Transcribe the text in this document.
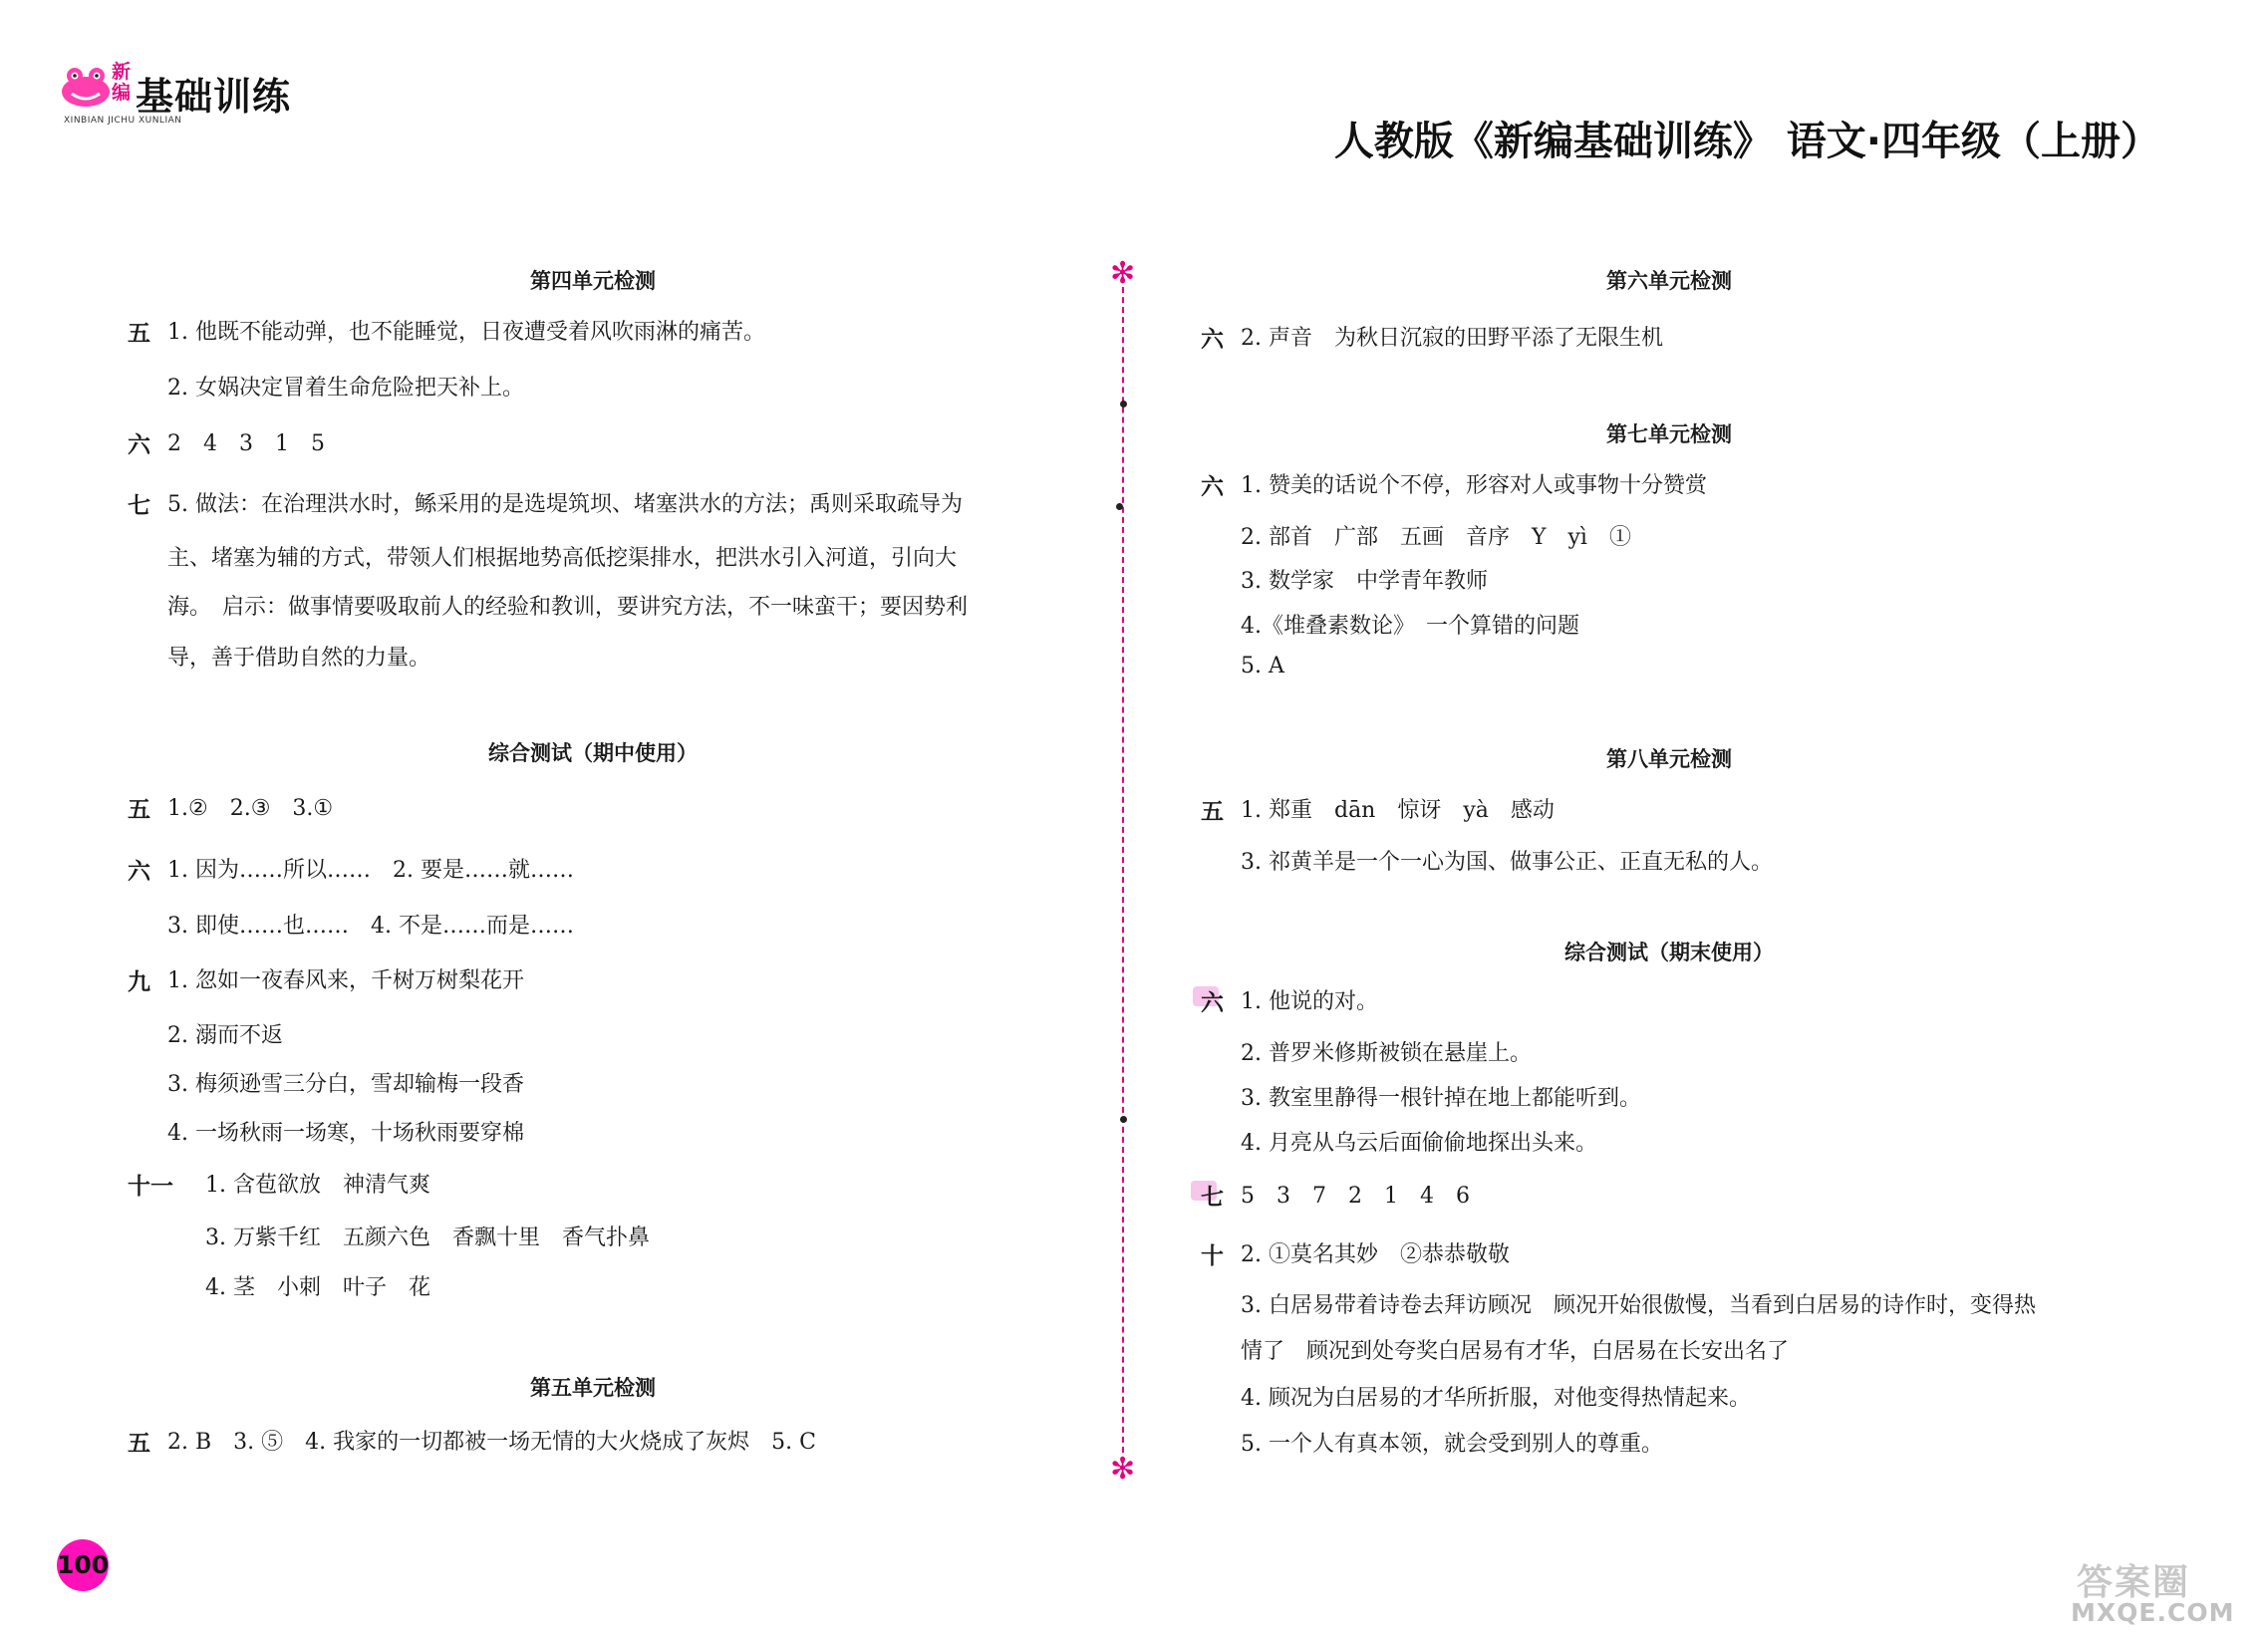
新编 基础训练
XINBIAN JICHU XUNLIAN	人教版《新编基础训练》 语文·四年级（上册）
第四单元检测
五 1. 他既不能动弹，也不能睡觉，日夜遭受着风吹雨淋的痛苦。
2. 女娲决定冒着生命危险把天补上。
六 2　4　3　1　5
七 5. 做法：在治理洪水时，鲧采用的是选堤筑坝、堵塞洪水的方法；禹则采取疏导为
主、堵塞为辅的方式，带领人们根据地势高低挖渠排水，把洪水引入河道，引向大
海。　启示：做事情要吸取前人的经验和教训，要讲究方法，不一味蛮干；要因势利
导，善于借助自然的力量。
综合测试（期中使用）
五 1.②　2.③　3.①
六 1. 因为……所以……　2. 要是……就……
3. 即使……也……　4. 不是……而是……
九 1. 忽如一夜春风来，千树万树梨花开
2. 溺而不返
3. 梅须逊雪三分白，雪却输梅一段香
4. 一场秋雨一场寒，十场秋雨要穿棉
十一 1. 含苞欲放　神清气爽
3. 万紫千红　五颜六色　香飘十里　香气扑鼻
4. 茎　小刺　叶子　花
第五单元检测
五 2. B　3. ⑤　4. 我家的一切都被一场无情的大火烧成了灰烬　5. C
✻
✻
第六单元检测
六 2. 声音　为秋日沉寂的田野平添了无限生机
第七单元检测
六 1. 赞美的话说个不停，形容对人或事物十分赞赏
2. 部首　广部　五画　音序　Y　yì　①
3. 数学家　中学青年教师
4.《堆叠素数论》　一个算错的问题
5. A
第八单元检测
五 1. 郑重　dān　惊讶　yà　感动
3. 祁黄羊是一个一心为国、做事公正、正直无私的人。
综合测试（期末使用）
六 1. 他说的对。
2. 普罗米修斯被锁在悬崖上。
3. 教室里静得一根针掉在地上都能听到。
4. 月亮从乌云后面偷偷地探出头来。
七 5　3　7　2　1　4　6
十 2. ①莫名其妙　②恭恭敬敬
3. 白居易带着诗卷去拜访顾况　顾况开始很傲慢，当看到白居易的诗作时，变得热
情了　顾况到处夸奖白居易有才华，白居易在长安出名了
4. 顾况为白居易的才华所折服，对他变得热情起来。
5. 一个人有真本领，就会受到别人的尊重。
100	答案圈
MXQE.COM
